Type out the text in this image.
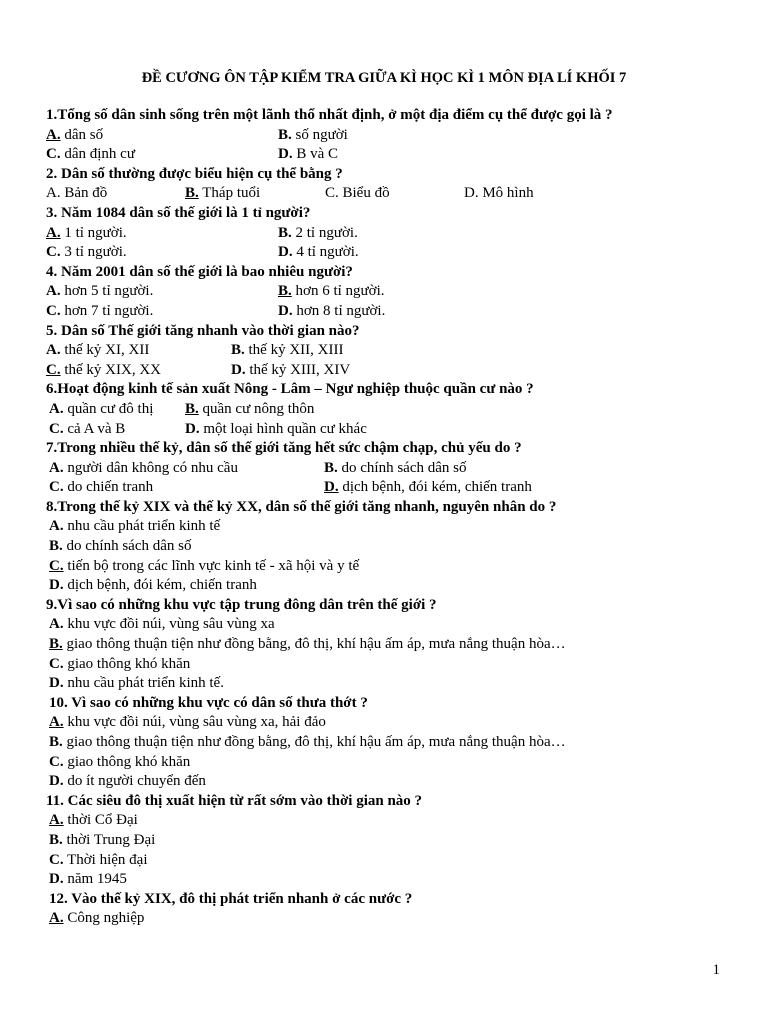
ĐỀ CƯƠNG ÔN TẬP KIỂM TRA GIỮA KÌ HỌC KÌ 1 MÔN ĐỊA LÍ KHỐI 7
1.Tổng số dân sinh sống trên một lãnh thổ nhất định, ở một địa điểm cụ thể được gọi là ?
A. dân số	B. số người
C. dân định cư	D. B và C
2. Dân số thường được biểu hiện cụ thể bằng ?
A. Bản đồ	B. Tháp tuổi	C. Biểu đồ	D. Mô hình
3. Năm 1084 dân số thế giới là 1 tỉ người?
A. 1 tỉ người.	B. 2 tỉ người.
C. 3 tỉ người.	D. 4 tỉ người.
4. Năm 2001 dân số thế giới là bao nhiêu người?
A. hơn 5 tỉ người.	B. hơn 6 tỉ người.
C. hơn 7 tỉ người.	D. hơn 8 tỉ người.
5. Dân số Thế giới tăng nhanh vào thời gian nào?
A. thế kỷ XI, XII	B. thế kỷ XII, XIII
C. thế kỷ XIX, XX	D. thế kỷ XIII, XIV
6.Hoạt động kinh tế sản xuất Nông - Lâm – Ngư nghiệp thuộc quần cư nào ?
A. quần cư đô thị B. quần cư nông thôn
C. cả A và B	D. một loại hình quần cư khác
7.Trong nhiều thế kỷ, dân số thế giới tăng hết sức chậm chạp, chủ yếu do ?
A. người dân không có nhu cầu	B. do chính sách dân số
C. do chiến tranh	D. dịch bệnh, đói kém, chiến tranh
8.Trong thế kỷ XIX và thế kỷ XX, dân số thế giới tăng nhanh, nguyên nhân do ?
A. nhu cầu phát triển kinh tế
B. do chính sách dân số
C. tiến bộ trong các lĩnh vực kinh tế - xã hội và y tế
D. dịch bệnh, đói kém, chiến tranh
9.Vì sao có những khu vực tập trung đông dân trên thế giới ?
A. khu vực đồi núi, vùng sâu vùng xa
B. giao thông thuận tiện như đồng bằng, đô thị, khí hậu ấm áp, mưa nắng thuận hòa…
C. giao thông khó khăn
D. nhu cầu phát triển kinh tế.
10. Vì sao có những khu vực có dân số thưa thớt ?
A. khu vực đồi núi, vùng sâu vùng xa, hải đảo
B. giao thông thuận tiện như đồng bằng, đô thị, khí hậu ấm áp, mưa nắng thuận hòa…
C. giao thông khó khăn
D. do ít người chuyển đến
11. Các siêu đô thị xuất hiện từ rất sớm vào thời gian nào ?
A. thời Cổ Đại
B. thời Trung Đại
C. Thời hiện đại
D. năm 1945
12. Vào thế kỷ XIX, đô thị phát triển nhanh ở các nước ?
A. Công nghiệp
1
